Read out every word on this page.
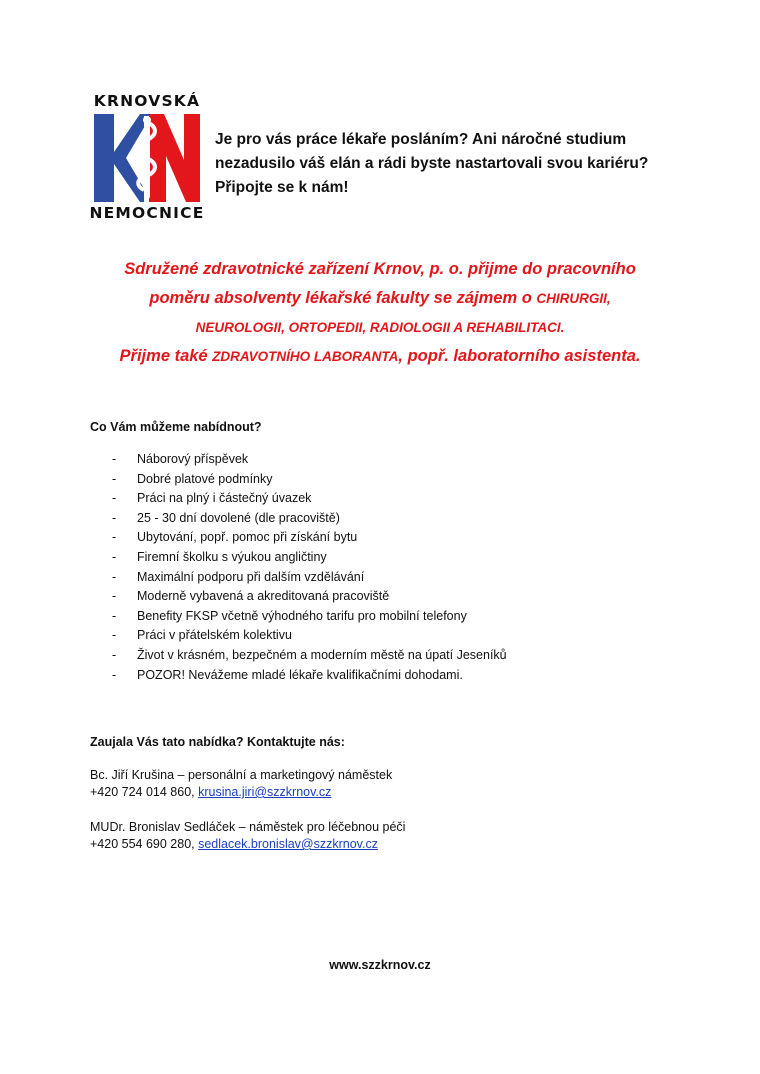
KRNOVSKÁ
NEMOCNICE
Je pro vás práce lékaře posláním? Ani náročné studium
nezadusilo váš elán a rádi byste nastartovali svou kariéru?
Připojte se k nám!
Sdružené zdravotnické zařízení Krnov, p. o. přijme do pracovního
poměru absolventy lékařské fakulty se zájmem o CHIRURGII,
NEUROLOGII, ORTOPEDII, RADIOLOGII A REHABILITACI.
Přijme také ZDRAVOTNÍHO LABORANTA, popř. laboratorního asistenta.
Co Vám můžeme nabídnout?
- Náborový příspěvek
- Dobré platové podmínky
- Práci na plný i částečný úvazek
- 25 - 30 dní dovolené (dle pracoviště)
- Ubytování, popř. pomoc při získání bytu
- Firemní školku s výukou angličtiny
- Maximální podporu při dalším vzdělávání
- Moderně vybavená a akreditovaná pracoviště
- Benefity FKSP včetně výhodného tarifu pro mobilní telefony
- Práci v přátelském kolektivu
- Život v krásném, bezpečném a moderním městě na úpatí Jeseníků
- POZOR! Nevážeme mladé lékaře kvalifikačními dohodami.
Zaujala Vás tato nabídka? Kontaktujte nás:
Bc. Jiří Krušina – personální a marketingový náměstek
+420 724 014 860, krusina.jiri@szzkrnov.cz
MUDr. Bronislav Sedláček – náměstek pro léčebnou péči
+420 554 690 280, sedlacek.bronislav@szzkrnov.cz
www.szzkrnov.cz
